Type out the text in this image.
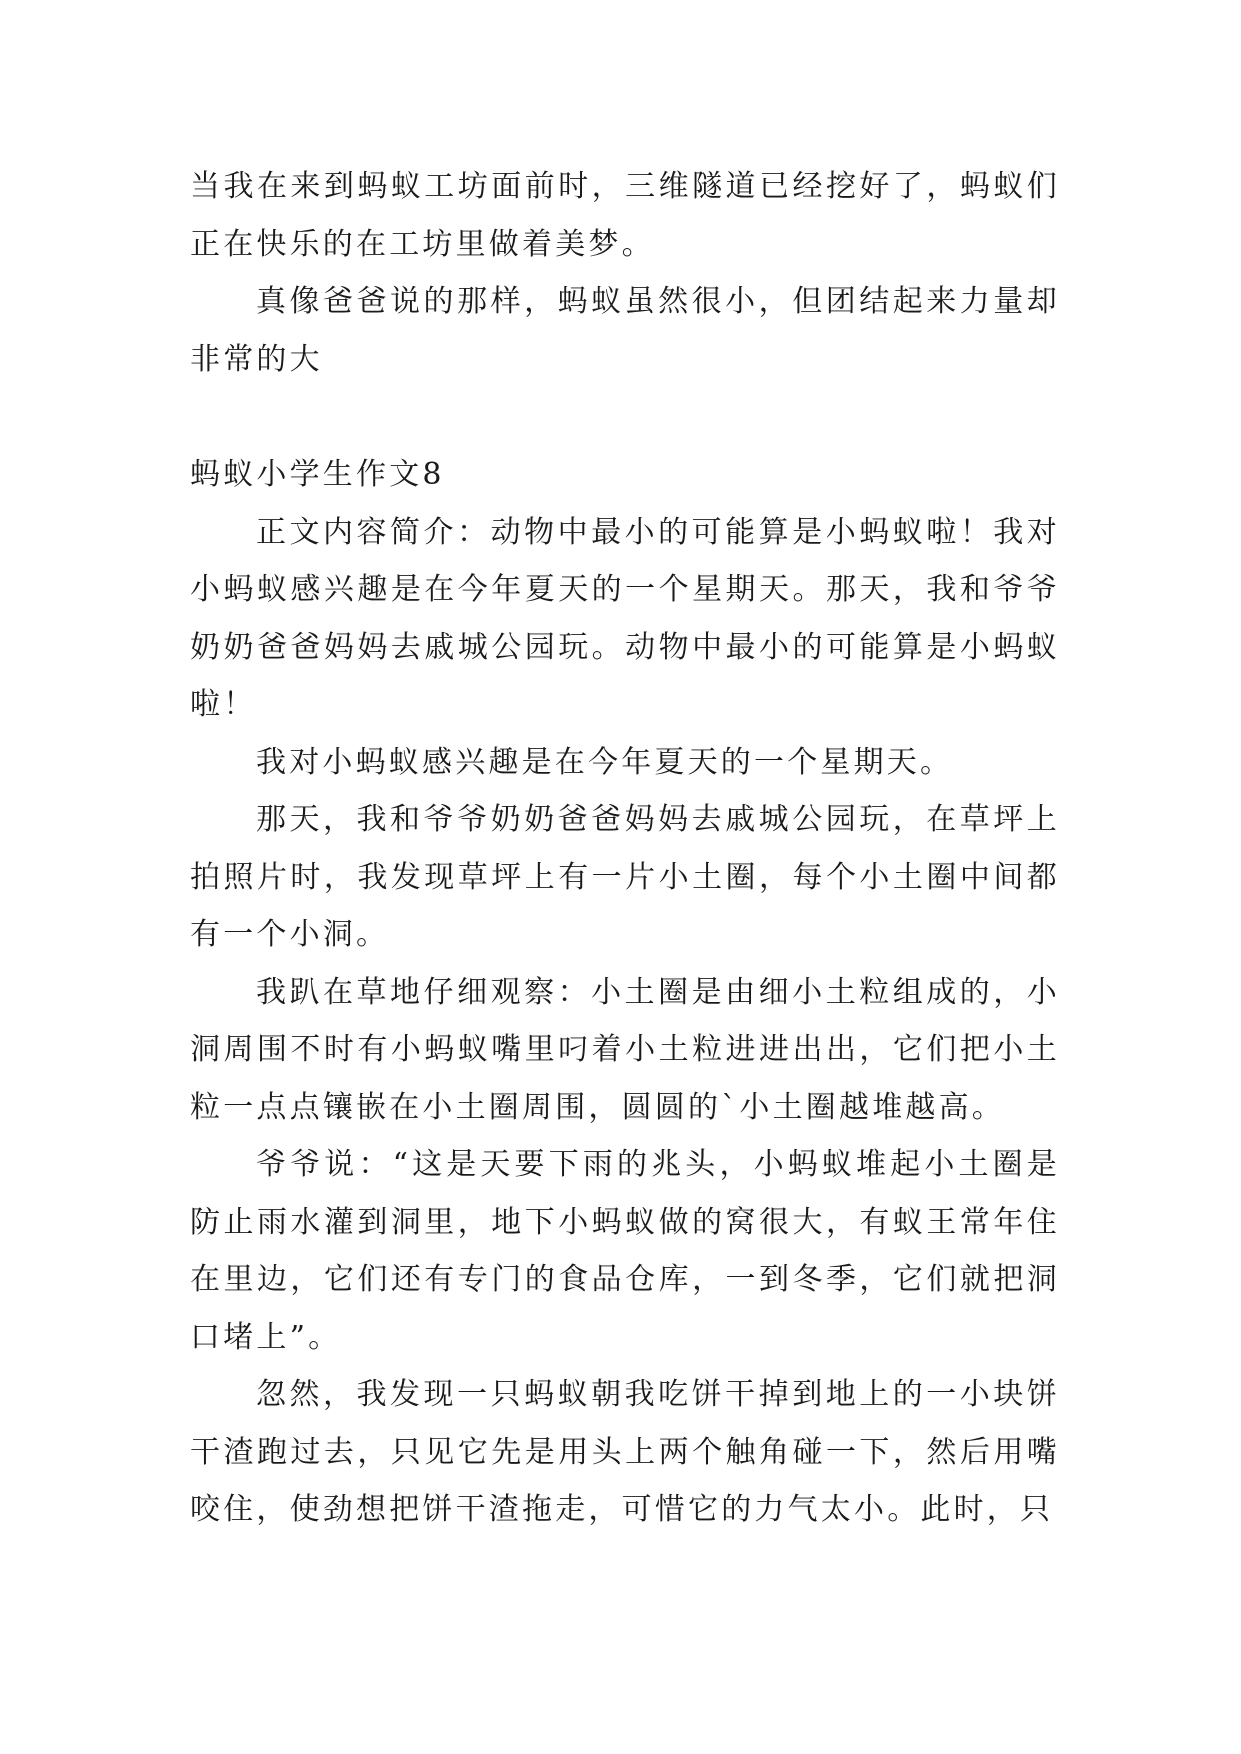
当我在来到蚂蚁工坊面前时，三维隧道已经挖好了，蚂蚁们正在快乐的在工坊里做着美梦。

真像爸爸说的那样，蚂蚁虽然很小，但团结起来力量却非常的大

蚂蚁小学生作文8

正文内容简介：动物中最小的可能算是小蚂蚁啦！我对小蚂蚁感兴趣是在今年夏天的一个星期天。那天，我和爷爷奶奶爸爸妈妈去戚城公园玩。动物中最小的可能算是小蚂蚁啦！

我对小蚂蚁感兴趣是在今年夏天的一个星期天。

那天，我和爷爷奶奶爸爸妈妈去戚城公园玩，在草坪上拍照片时，我发现草坪上有一片小土圈，每个小土圈中间都有一个小洞。

我趴在草地仔细观察：小土圈是由细小土粒组成的，小洞周围不时有小蚂蚁嘴里叼着小土粒进进出出，它们把小土粒一点点镶嵌在小土圈周围，圆圆的`小土圈越堆越高。

爷爷说：“这是天要下雨的兆头，小蚂蚁堆起小土圈是防止雨水灌到洞里，地下小蚂蚁做的窝很大，有蚁王常年住在里边，它们还有专门的食品仓库，一到冬季，它们就把洞口堵上”。

忽然，我发现一只蚂蚁朝我吃饼干掉到地上的一小块饼干渣跑过去，只见它先是用头上两个触角碰一下，然后用嘴咬住，使劲想把饼干渣拖走，可惜它的力气太小。此时，只
